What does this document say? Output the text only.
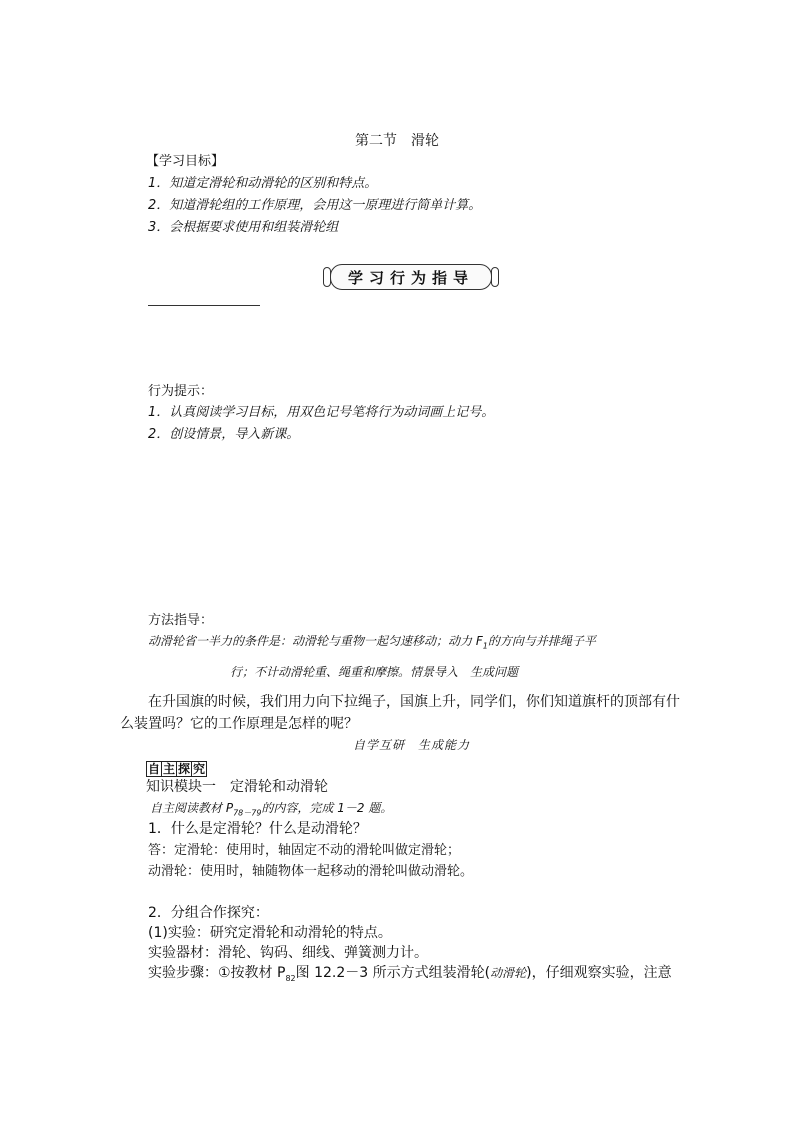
第二节　滑轮
【学习目标】
1．知道定滑轮和动滑轮的区别和特点。
2．知道滑轮组的工作原理，会用这一原理进行简单计算。
3．会根据要求使用和组装滑轮组
学习行为指导
行为提示：
1．认真阅读学习目标，用双色记号笔将行为动词画上记号。
2．创设情景，导入新课。
方法指导：
动滑轮省一半力的条件是：动滑轮与重物一起匀速移动；动力 $F_1$的方向与并排绳子平
行；不计动滑轮重、绳重和摩擦。情景导入　生成问题
在升国旗的时候，我们用力向下拉绳子，国旗上升，同学们，你们知道旗杆的顶部有什
么装置吗？它的工作原理是怎样的呢？
自学互研　生成能力
自 主 探 究
知识模块一　定滑轮和动滑轮
自主阅读教材 $P_{78-79}$的内容，完成 1－2 题。
1．什么是定滑轮？什么是动滑轮？
答：定滑轮：使用时，轴固定不动的滑轮叫做定滑轮；
动滑轮：使用时，轴随物体一起移动的滑轮叫做动滑轮。
2．分组合作探究：
(1)实验：研究定滑轮和动滑轮的特点。
实验器材：滑轮、钩码、细线、弹簧测力计。
实验步骤：①按教材 $P_{82}$图 12.2－3 所示方式组装滑轮(动滑轮)，仔细观察实验，注意
